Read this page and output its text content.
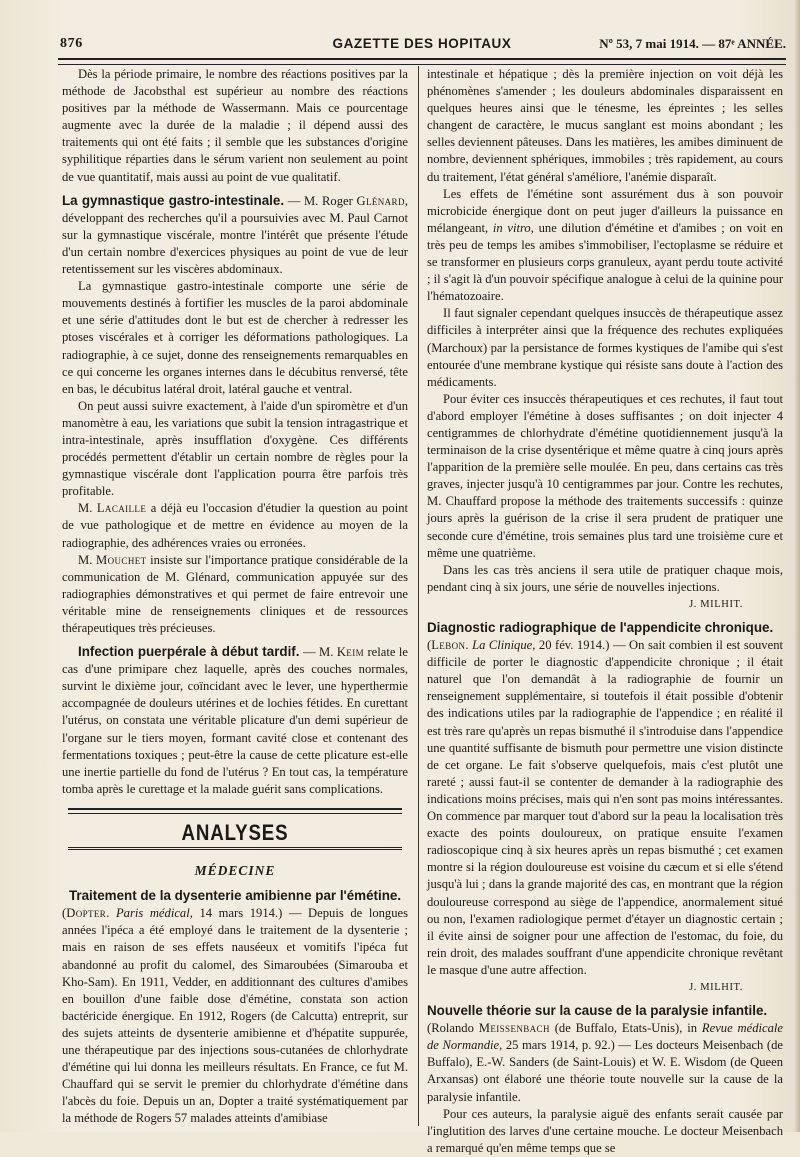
876	GAZETTE DES HOPITAUX	Nº 53, 7 mai 1914. — 87ᵉ ANNÉE.

Dès la période primaire, le nombre des réactions positives par la méthode de Jacobsthal est supérieur au nombre des réactions positives par la méthode de Wassermann. Mais ce pourcentage augmente avec la durée de la maladie ; il dépend aussi des traitements qui ont été faits ; il semble que les substances d'origine syphilitique réparties dans le sérum varient non seulement au point de vue quantitatif, mais aussi au point de vue qualitatif.

La gymnastique gastro-intestinale. — M. Roger Glénard, développant des recherches qu'il a poursuivies avec M. Paul Carnot sur la gymnastique viscérale, montre l'intérêt que présente l'étude d'un certain nombre d'exercices physiques au point de vue de leur retentissement sur les viscères abdominaux.

La gymnastique gastro-intestinale comporte une série de mouvements destinés à fortifier les muscles de la paroi abdominale et une série d'attitudes dont le but est de chercher à redresser les ptoses viscérales et à corriger les déformations pathologiques. La radiographie, à ce sujet, donne des renseignements remarquables en ce qui concerne les organes internes dans le décubitus renversé, tête en bas, le décubitus latéral droit, latéral gauche et ventral.

On peut aussi suivre exactement, à l'aide d'un spiromètre et d'un manomètre à eau, les variations que subit la tension intragastrique et intra-intestinale, après insufflation d'oxygène. Ces différents procédés permettent d'établir un certain nombre de règles pour la gymnastique viscérale dont l'application pourra être parfois très profitable.

M. Lacaille a déjà eu l'occasion d'étudier la question au point de vue pathologique et de mettre en évidence au moyen de la radiographie, des adhérences vraies ou erronées.

M. Mouchet insiste sur l'importance pratique considérable de la communication de M. Glénard, communication appuyée sur des radiographies démonstratives et qui permet de faire entrevoir une véritable mine de renseignements cliniques et de ressources thérapeutiques très précieuses.

Infection puerpérale à début tardif. — M. Keim relate le cas d'une primipare chez laquelle, après des couches normales, survint le dixième jour, coïncidant avec le lever, une hyperthermie accompagnée de douleurs utérines et de lochies fétides. En curettant l'utérus, on constata une véritable plicature d'un demi supérieur de l'organe sur le tiers moyen, formant cavité close et contenant des fermentations toxiques ; peut-être la cause de cette plicature est-elle une inertie partielle du fond de l'utérus ? En tout cas, la température tomba après le curettage et la malade guérit sans complications.

ANALYSES
MÉDECINE

Traitement de la dysenterie amibienne par l'émétine.

(Dopter. Paris médical, 14 mars 1914.) — Depuis de longues années l'ipéca a été employé dans le traitement de la dysenterie ; mais en raison de ses effets nauséeux et vomitifs l'ipéca fut abandonné au profit du calomel, des Simaroubées (Simarouba et Kho-Sam). En 1911, Vedder, en additionnant des cultures d'amibes en bouillon d'une faible dose d'émétine, constata son action bactéricide énergique. En 1912, Rogers (de Calcutta) entreprit, sur des sujets atteints de dysenterie amibienne et d'hépatite suppurée, une thérapeutique par des injections sous-cutanées de chlorhydrate d'émétine qui lui donna les meilleurs résultats. En France, ce fut M. Chauffard qui se servit le premier du chlorhydrate d'émétine dans l'abcès du foie. Depuis un an, Dopter a traité systématiquement par la méthode de Rogers 57 malades atteints d'amibiase

intestinale et hépatique ; dès la première injection on voit déjà les phénomènes s'amender ; les douleurs abdominales disparaissent en quelques heures ainsi que le ténesme, les épreintes ; les selles changent de caractère, le mucus sanglant est moins abondant ; les selles deviennent pâteuses. Dans les matières, les amibes diminuent de nombre, deviennent sphériques, immobiles ; très rapidement, au cours du traitement, l'état général s'améliore, l'anémie disparaît.

Les effets de l'émétine sont assurément dus à son pouvoir microbicide énergique dont on peut juger d'ailleurs la puissance en mélangeant, in vitro, une dilution d'émétine et d'amibes ; on voit en très peu de temps les amibes s'immobiliser, l'ectoplasme se réduire et se transformer en plusieurs corps granuleux, ayant perdu toute activité ; il s'agit là d'un pouvoir spécifique analogue à celui de la quinine pour l'hématozoaire.

Il faut signaler cependant quelques insuccès de thérapeutique assez difficiles à interpréter ainsi que la fréquence des rechutes expliquées (Marchoux) par la persistance de formes kystiques de l'amibe qui s'est entourée d'une membrane kystique qui résiste sans doute à l'action des médicaments.

Pour éviter ces insuccès thérapeutiques et ces rechutes, il faut tout d'abord employer l'émétine à doses suffisantes ; on doit injecter 4 centigrammes de chlorhydrate d'émétine quotidiennement jusqu'à la terminaison de la crise dysentérique et même quatre à cinq jours après l'apparition de la première selle moulée. En peu, dans certains cas très graves, injecter jusqu'à 10 centigrammes par jour. Contre les rechutes, M. Chauffard propose la méthode des traitements successifs : quinze jours après la guérison de la crise il sera prudent de pratiquer une seconde cure d'émétine, trois semaines plus tard une troisième cure et même une quatrième.

Dans les cas très anciens il sera utile de pratiquer chaque mois, pendant cinq à six jours, une série de nouvelles injections.

J. MILHIT.

Diagnostic radiographique de l'appendicite chronique.
(Lebon. La Clinique, 20 fév. 1914.) — On sait combien il est souvent difficile de porter le diagnostic d'appendicite chronique ; il était naturel que l'on demandât à la radiographie de fournir un renseignement supplémentaire, si toutefois il était possible d'obtenir des indications utiles par la radiographie de l'appendice ; en réalité il est très rare qu'après un repas bismuthé il s'introduise dans l'appendice une quantité suffisante de bismuth pour permettre une vision distincte de cet organe. Le fait s'observe quelquefois, mais c'est plutôt une rareté ; aussi faut-il se contenter de demander à la radiographie des indications moins précises, mais qui n'en sont pas moins intéressantes. On commence par marquer tout d'abord sur la peau la localisation très exacte des points douloureux, on pratique ensuite l'examen radioscopique cinq à six heures après un repas bismuthé ; cet examen montre si la région douloureuse est voisine du cæcum et si elle s'étend jusqu'à lui ; dans la grande majorité des cas, en montrant que la région douloureuse correspond au siège de l'appendice, anormalement situé ou non, l'examen radiologique permet d'étayer un diagnostic certain ; il évite ainsi de soigner pour une affection de l'estomac, du foie, du rein droit, des malades souffrant d'une appendicite chronique revêtant le masque d'une autre affection.

J. MILHIT.

Nouvelle théorie sur la cause de la paralysie infantile.
(Rolando Meissenbach (de Buffalo, Etats-Unis), in Revue médicale de Normandie, 25 mars 1914, p. 92.) — Les docteurs Meisenbach (de Buffalo), E.-W. Sanders (de Saint-Louis) et W. E. Wisdom (de Queen Arxansas) ont élaboré une théorie toute nouvelle sur la cause de la paralysie infantile.

Pour ces auteurs, la paralysie aiguë des enfants serait causée par l'inglutition des larves d'une certaine mouche. Le docteur Meisenbach a remarqué qu'en même temps que se
